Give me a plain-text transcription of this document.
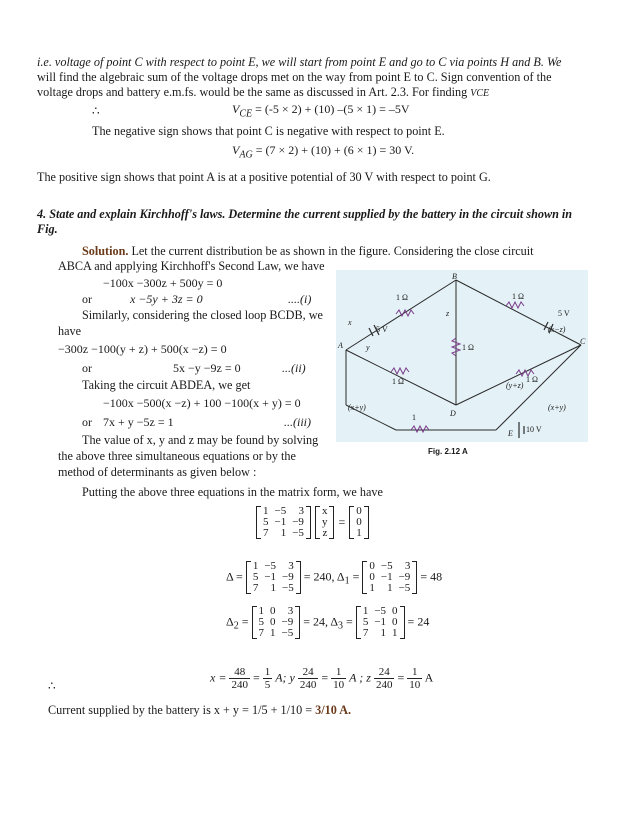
i.e. voltage of point C with respect to point E, we will start from point E and go to C via points H and B. We
will find the algebraic sum of the voltage drops met on the way from point E to C. Sign convention of the
voltage drops and battery e.m.fs. would be the same as discussed in Art. 2.3. For finding VCE
∴	$V_{CE} = (-5 \times 2) + (10) -(5 \times 1) = -5V$
The negative sign shows that point C is negative with respect to point E.
$V_{AG} = (7 \times 2) + (10) + (6 \times 1) = 30$ V.
The positive sign shows that point A is at a positive potential of 30 V with respect to point G.
4. State and explain Kirchhoff's laws. Determine the current supplied by the battery in the circuit shown in
Fig.
Solution. Let the current distribution be as shown in the figure. Considering the close circuit
ABCA and applying Kirchhoff's Second Law, we have
−100x −300z + 500y = 0
or	x −5y + 3z = 0	....(i)
Similarly, considering the closed loop BCDB, we
have
−300z −100(y + z) + 500(x −z) = 0
or	5x −y −9z = 0	...(ii)
Taking the circuit ABDEA, we get
−100x −500(x −z) + 100 −100(x + y) = 0
or 7x + y −5z = 1	...(iii)
The value of x, y and z may be found by solving
the above three simultaneous equations or by the
method of determinants as given below :
Putting the above three equations in the matrix form, we have
A
B
C
D
E
x
y
z
(x−z)
(y+z)
(x+y)	(x+y)
1 Ω	1 Ω
1 Ω
1 Ω	1 Ω
1
5 V
5 V
10 V
Fig. 2.12 A
1	−5	3
5	−1	−9
7	1	−5

x
y
z
=
0
0
1
Δ =
1	−5	3
5	−1	−9
7	1	−5
= 240, $\Delta_1$ =
0	−5	3
0	−1	−9
1	1	−5
= 48
$\Delta_2$ =
1	0	3
5	0	−9
7	1	−5
= 24, $\Delta_3$ =
1	−5	0
5	−1	0
7	1	1
= 24
∴
$x = \frac{48}{240} = \frac{1}{5} A$; y $\frac{24}{240} = \frac{1}{10}$ A ; z $\frac{24}{240} = \frac{1}{10}$ A
Current supplied by the battery is x + y = 1/5 + 1/10 = 3/10 A.
